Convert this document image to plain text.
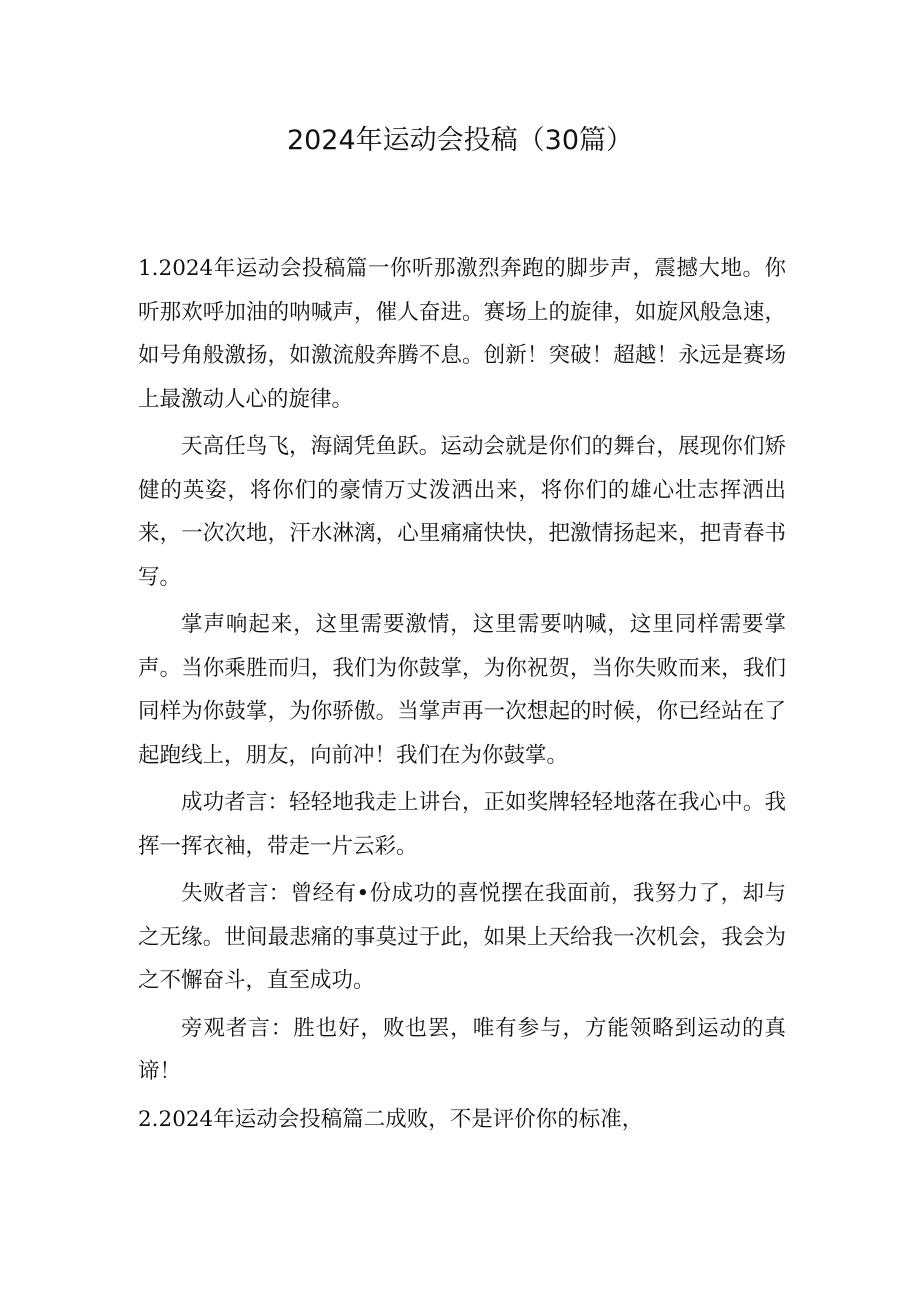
2024年运动会投稿（30篇）

1.2024年运动会投稿篇一你听那激烈奔跑的脚步声，震撼大地。你听那欢呼加油的呐喊声，催人奋进。赛场上的旋律，如旋风般急速，如号角般激扬，如激流般奔腾不息。创新！突破！超越！永远是赛场上最激动人心的旋律。

天高任鸟飞，海阔凭鱼跃。运动会就是你们的舞台，展现你们矫健的英姿，将你们的豪情万丈泼洒出来，将你们的雄心壮志挥洒出来，一次次地，汗水淋漓，心里痛痛快快，把激情扬起来，把青春书写。

掌声响起来，这里需要激情，这里需要呐喊，这里同样需要掌声。当你乘胜而归，我们为你鼓掌，为你祝贺，当你失败而来，我们同样为你鼓掌，为你骄傲。当掌声再一次想起的时候，你已经站在了起跑线上，朋友，向前冲！我们在为你鼓掌。

成功者言：轻轻地我走上讲台，正如奖牌轻轻地落在我心中。我挥一挥衣袖，带走一片云彩。

失败者言：曾经有•份成功的喜悦摆在我面前，我努力了，却与之无缘。世间最悲痛的事莫过于此，如果上天给我一次机会，我会为之不懈奋斗，直至成功。

旁观者言：胜也好，败也罢，唯有参与，方能领略到运动的真谛！

2.2024年运动会投稿篇二成败，不是评价你的标准，
